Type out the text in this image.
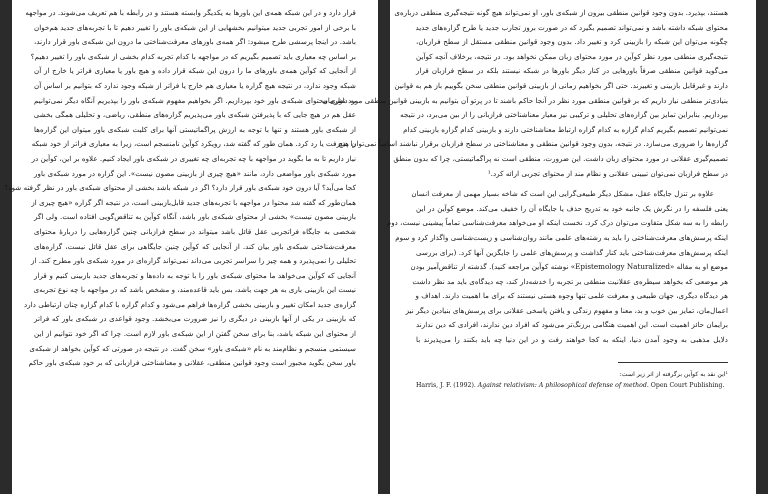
قرار دارد و در این شبکه همه‌ی این باورها به یکدیگر وابسته هستند و در رابطه با هم تعریف می‌شوند. در مواجهه
با برخی از امور تجربی جدید میتوانیم بخشهایی از این شبکه‌ی باور را تغییر دهیم تا با تجربه‌های جدید هم‌خوان
باشد. در اینجا پرسشی طرح میشود: اگر همه‌ی باورهای معرفت‌شناختی ما درون این شبکه‌ی باور قرار دارند،
بر اساس چه معیاری باید تصمیم بگیریم که در مواجهه با کدام تجربه کدام بخشی از شبکه‌ی باور را تغییر دهیم؟
از آنجایی که کوآین همه‌ی باورهای ما را درون این شبکه قرار داده و هیچ باور یا معیاری فراتر یا خارج از آن
شبکه وجود ندارد، در نتیجه هیچ گزاره یا معیاری هم خارج یا فراتر از شبکه وجود ندارد که بتوانیم بر اساس آن
به داوری محتوای شبکه‌ی باور خود بپردازیم. اگر بخواهیم مفهوم شبکه‌ی باور را بپذیریم آنگاه دیگر نمی‌توانیم
عقل هم در هیچ جایی که با پذیرفتن شبکه‌ی باور می‌پذیریم گزاره‌های منطقی، ریاضی، و تحلیلی همگی بخشی
از شبکه‌ی باور هستند و تنها با توجه به ارزش پراگماتیستی آنها برای کلیت شبکه‌ی باور میتوان این گزاره‌ها
را پذیرفت یا رد کرد. همان طور که گفته شد، رویکرد کوآین نامنسجم است، زیرا به معیاری فراتر از خود شبکه
نیاز داریم تا به ما بگوید در مواجهه با چه تجربه‌ای چه تغییری در شبکه‌ی باور ایجاد کنیم. علاوه بر این، کوآین در
مورد شبکه‌ی باور مواضعی دارد، مانند «هیچ چیزی از بازبینی مصون نیست». این گزاره در مورد شبکه‌ی باور
کجا می‌آید؟ آیا درون خود شبکه‌ی باور قرار دارد؟ اگر در شبکه باشد بخشی از محتوای شبکه‌ی باور در نظر گرفته شود؟
همان‌طور که گفته شد محتوا در مواجهه با تجربه‌های جدید قابل‌بازبینی است، در نتیجه اگر گزاره «هیچ چیزی از
بازبینی مصون نیست» بخشی از محتوای شبکه‌ی باور باشد، آنگاه کوآین به تناقض‌گویی افتاده است. ولی اگر
شخصی به جایگاه فراتجربی عقل قائل باشد میتواند در سطح فرازبانی چنین گزاره‌هایی را دربارهٔ محتوای
معرفت‌شناختی شبکه‌ی باور بیان کند. از آنجایی که کوآین چنین جایگاهی برای عقل قائل نیست، گزاره‌های
تحلیلی را نمی‌پذیرد و همه چیز را سراسر تجربی می‌داند نمی‌تواند گزاره‌ای در مورد شبکه‌ی باور مطرح کند. از
آنجایی که کوآین می‌خواهد ما محتوای شبکه‌ی باور را با توجه به داده‌ها و تجربه‌های جدید بازبینی کنیم و قرار
نیست این بازبینی باری به هر جهت باشد، بس باید قاعده‌مند، و مشخص باشد که در مواجهه با چه نوع تجربه‌ی
گزاره‌ی جدید امکان تغییر و بازبینی بخشی گزاره‌ها فراهم می‌شود و کدام گزاره با کدام گزاره چنان ارتباطی دارد
که بازبینی در یکی از آنها بازبینی در دیگری را نیز ضرورت می‌بخشد. وجود قواعدی در شبکه‌ی باور که فراتر
از محتوای این شبکه باشد، بنا برای سخن گفتن از این شبکه‌ی باور لازم است. چرا که اگر خود نتوانیم از این
سیستمی منسجم و نظام‌مند به نام «شبکه‌ی باور» سخن گفت. در نتیجه در صورتی که کوآین بخواهد از شبکه‌ی
باور سخن بگوید مجبور است وجود قوانین منطقی، عقلانی و معناشناختی فرازبانی که بر خود شبکه‌ی باور حاکم
هستند، بپذیرد. بدون وجود قوانین منطقی بیرون از شبکه‌ی باور، او نمی‌تواند هیچ گونه نتیجه‌گیری منطقی درباره‌ی
محتوای شبکه داشته باشد و نمی‌تواند تصمیم بگیرد که در صورت بروز تجارب جدید یا طرح گزاره‌های جدید
چگونه می‌توان این شبکه را بازبینی کرد و تغییر داد. بدون وجود قوانین منطقی مستقل از سطح فرازبان،
نتیجه‌گیری منطقی مورد نظر کوآین در مورد محتوای زبان ممکن نخواهد بود. در نتیجه، برخلاف آنچه کوآین
می‌گوید قوانین منطقی صرفاً باورهایی در کنار دیگر باورها در شبکه نیستند بلکه در سطح فرازبان قرار
دارند و غیرقابل بازبینی و تغییرند. حتی اگر بخواهیم زمانی از بازبینی قوانین منطقی سخن بگوییم باز هم به قوانین
بنیادی‌تر منطقی نیاز داریم که بر قوانین منطقی مورد نظر در آنجا حاکم باشند تا در پرتو آن بتوانیم به بازبینی قوانین منطقی مورد نظرمان
بپردازیم. بنابراین تمایز بین گزاره‌های تحلیلی و ترکیبی نیز معیار معناشناختی فرازبانی را از بین می‌برد، در نتیجه
نمی‌توانیم تصمیم بگیریم کدام گزاره به کدام گزاره ارتباط معناشناختی دارند و بازبینی کدام گزاره بازبینی کدام
گزاره‌ها را ضروری می‌سازد. در نتیجه، بدون وجود قوانین منطقی و معناشناختی در سطح فرازبان برقرار نباشند اساساً نمی‌توان هیچ
تصمیم‌گیری عقلانی در مورد محتوای زبان داشت. این ضرورت، منطقی است نه پراگماتیستی، چرا که بدون منطق
در سطح فرازبان نمی‌توان تبیینی عقلانی و نظام مند از محتوای تجربی ارائه کرد.¹
علاوه بر تنزل جایگاه عقل، مشکل دیگر طبیعی‌گرایی این است که شاخه بسیار مهمی از معرفت انسان
یعنی فلسفه را در نگرش یک جانبه خود به تدریج حذف یا جایگاه آن را خفیف می‌کند. موضع کوآین در این
رابطه را به سه شکل متفاوت می‌توان درک کرد. نخست اینکه او می‌خواهد معرفت‌شناسی تماماً پیشینی نیست، دوم
اینکه پرسش‌های معرفت‌شناختی را باید به رشته‌های علمی مانند روان‌شناسی و زیست‌شناسی واگذار کرد و سوم
اینکه پرسش‌های معرفت‌شناختی باید کنار گذاشت و پرسش‌های علمی را جایگزین آنها کرد. (برای بررسی
موضع او به مقاله «Epistemology Naturalized» نوشته کوآین مراجعه کنید). گذشته از تناقض‌آمیز بودن
هر موضعی که بخواهد سیطره‌ی عقلانیت منطقی بر تجربه را خدشه‌دار کند، چه دیدگاه‌ی باید مد نظر داشت
هر دیدگاه دیگری، جهان طبیعی و معرفت علمی تنها وجوه هستی نیستند که برای ما اهمیت دارند. اهداف و
اعمال‌مان، تمایز بین خوب و بد، معنا و مفهوم زندگی و یافتن پاسخی عقلانی برای پرسش‌های بنیادین دیگر نیز
برایمان حائز اهمیت است. این اهمیت هنگامی برزنگ‌تر می‌شود که افراد دین ندارند، افرادی که دین ندارند
دلایل مذهبی به وجود آمدن دنیا، اینکه به کجا خواهند رفت و در این دنیا چه باید بکنند را می‌پذیرند با
¹این نقد به کوآین برگرفته از اثر زیر است:
Harris, J. F. (1992). Against relativism: A philosophical defense of method. Open Court Publishing.
